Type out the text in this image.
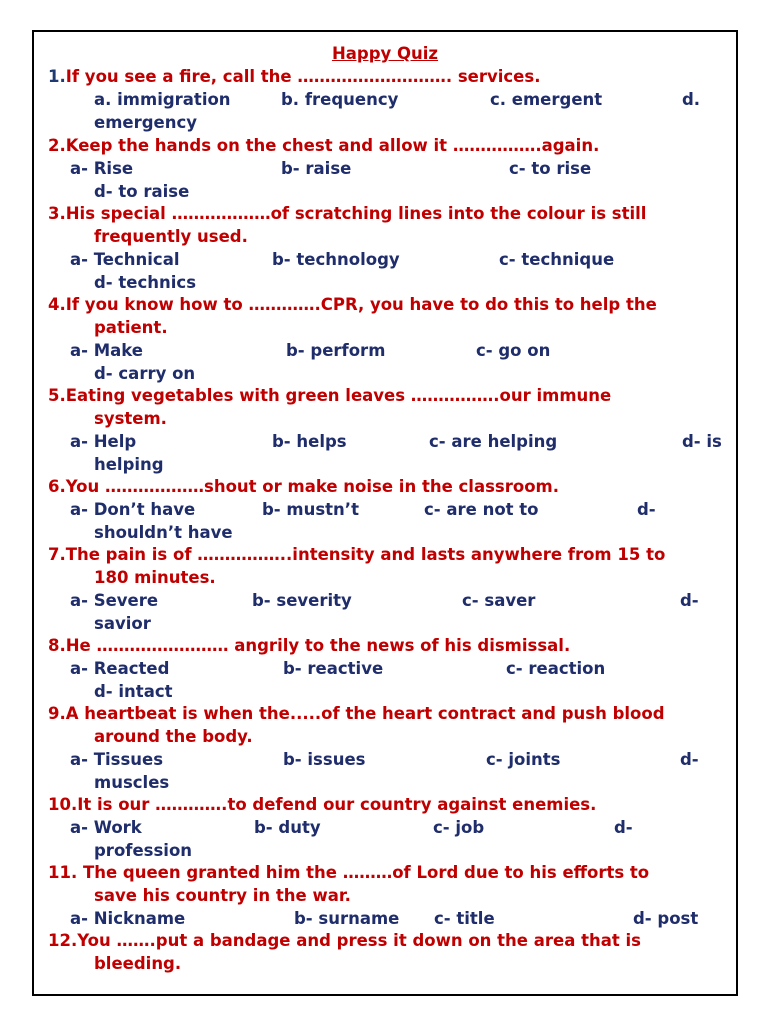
Happy Quiz
1.If you see a fire, call the ………………………. services.
a. immigration	b. frequency	c. emergent	d.
emergency
2.Keep the hands on the chest and allow it …………….again.
a- Rise	b- raise	c- to rise
d- to raise
3.His special ………………of scratching lines into the colour is still
frequently used.
a- Technical	b- technology	c- technique
d- technics
4.If you know how to ………….CPR, you have to do this to help the
patient.
a- Make	b- perform	c- go on
d- carry on
5.Eating vegetables with green leaves …………….our immune
system.
a- Help	b- helps	c- are helping	d- is
helping
6.You ………………shout or make noise in the classroom.
a- Don’t have	b- mustn’t	c- are not to	d-
shouldn’t have
7.The pain is of ……………..intensity and lasts anywhere from 15 to
180 minutes.
a- Severe	b- severity	c- saver	d-
savior
8.He …………………… angrily to the news of his dismissal.
a- Reacted	b- reactive	c- reaction
d- intact
9.A heartbeat is when the.....of the heart contract and push blood
around the body.
a- Tissues	b- issues	c- joints	d-
muscles
10.It is our ………….to defend our country against enemies.
a- Work	b- duty	c- job	d-
profession
11. The queen granted him the ………of Lord due to his efforts to
save his country in the war.
a- Nickname	b- surname c- title	d- post
12.You …….put a bandage and press it down on the area that is
bleeding.
